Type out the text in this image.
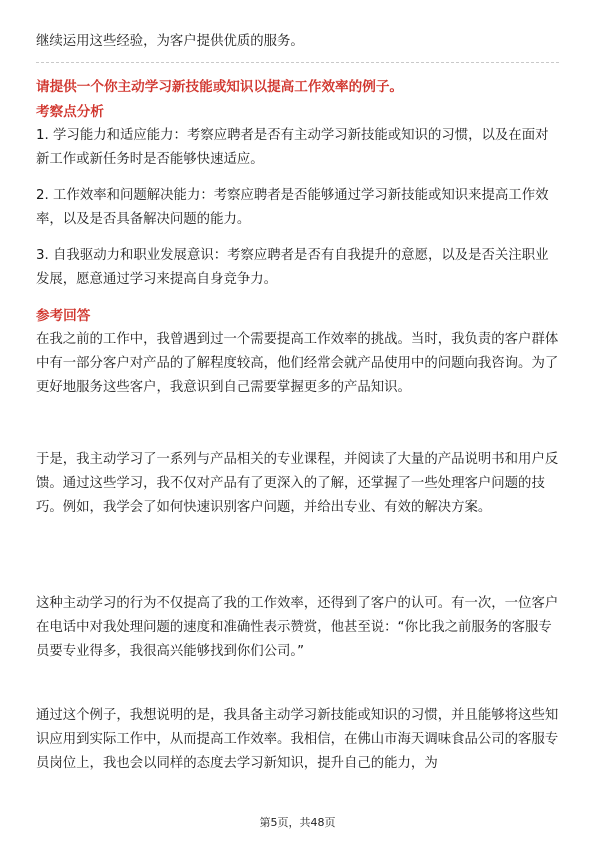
继续运用这些经验，为客户提供优质的服务。

请提供一个你主动学习新技能或知识以提高工作效率的例子。

考察点分析

1. 学习能力和适应能力：考察应聘者是否有主动学习新技能或知识的习惯，以及在面对新工作或新任务时是否能够快速适应。

2. 工作效率和问题解决能力：考察应聘者是否能够通过学习新技能或知识来提高工作效率，以及是否具备解决问题的能力。

3. 自我驱动力和职业发展意识：考察应聘者是否有自我提升的意愿，以及是否关注职业发展，愿意通过学习来提高自身竞争力。

参考回答

在我之前的工作中，我曾遇到过一个需要提高工作效率的挑战。当时，我负责的客户群体中有一部分客户对产品的了解程度较高，他们经常会就产品使用中的问题向我咨询。为了更好地服务这些客户，我意识到自己需要掌握更多的产品知识。

于是，我主动学习了一系列与产品相关的专业课程，并阅读了大量的产品说明书和用户反馈。通过这些学习，我不仅对产品有了更深入的了解，还掌握了一些处理客户问题的技巧。例如，我学会了如何快速识别客户问题，并给出专业、有效的解决方案。

这种主动学习的行为不仅提高了我的工作效率，还得到了客户的认可。有一次，一位客户在电话中对我处理问题的速度和准确性表示赞赏，他甚至说：“你比我之前服务的客服专员要专业得多，我很高兴能够找到你们公司。”

通过这个例子，我想说明的是，我具备主动学习新技能或知识的习惯，并且能够将这些知识应用到实际工作中，从而提高工作效率。我相信，在佛山市海天调味食品公司的客服专员岗位上，我也会以同样的态度去学习新知识，提升自己的能力，为

第5页，共48页
